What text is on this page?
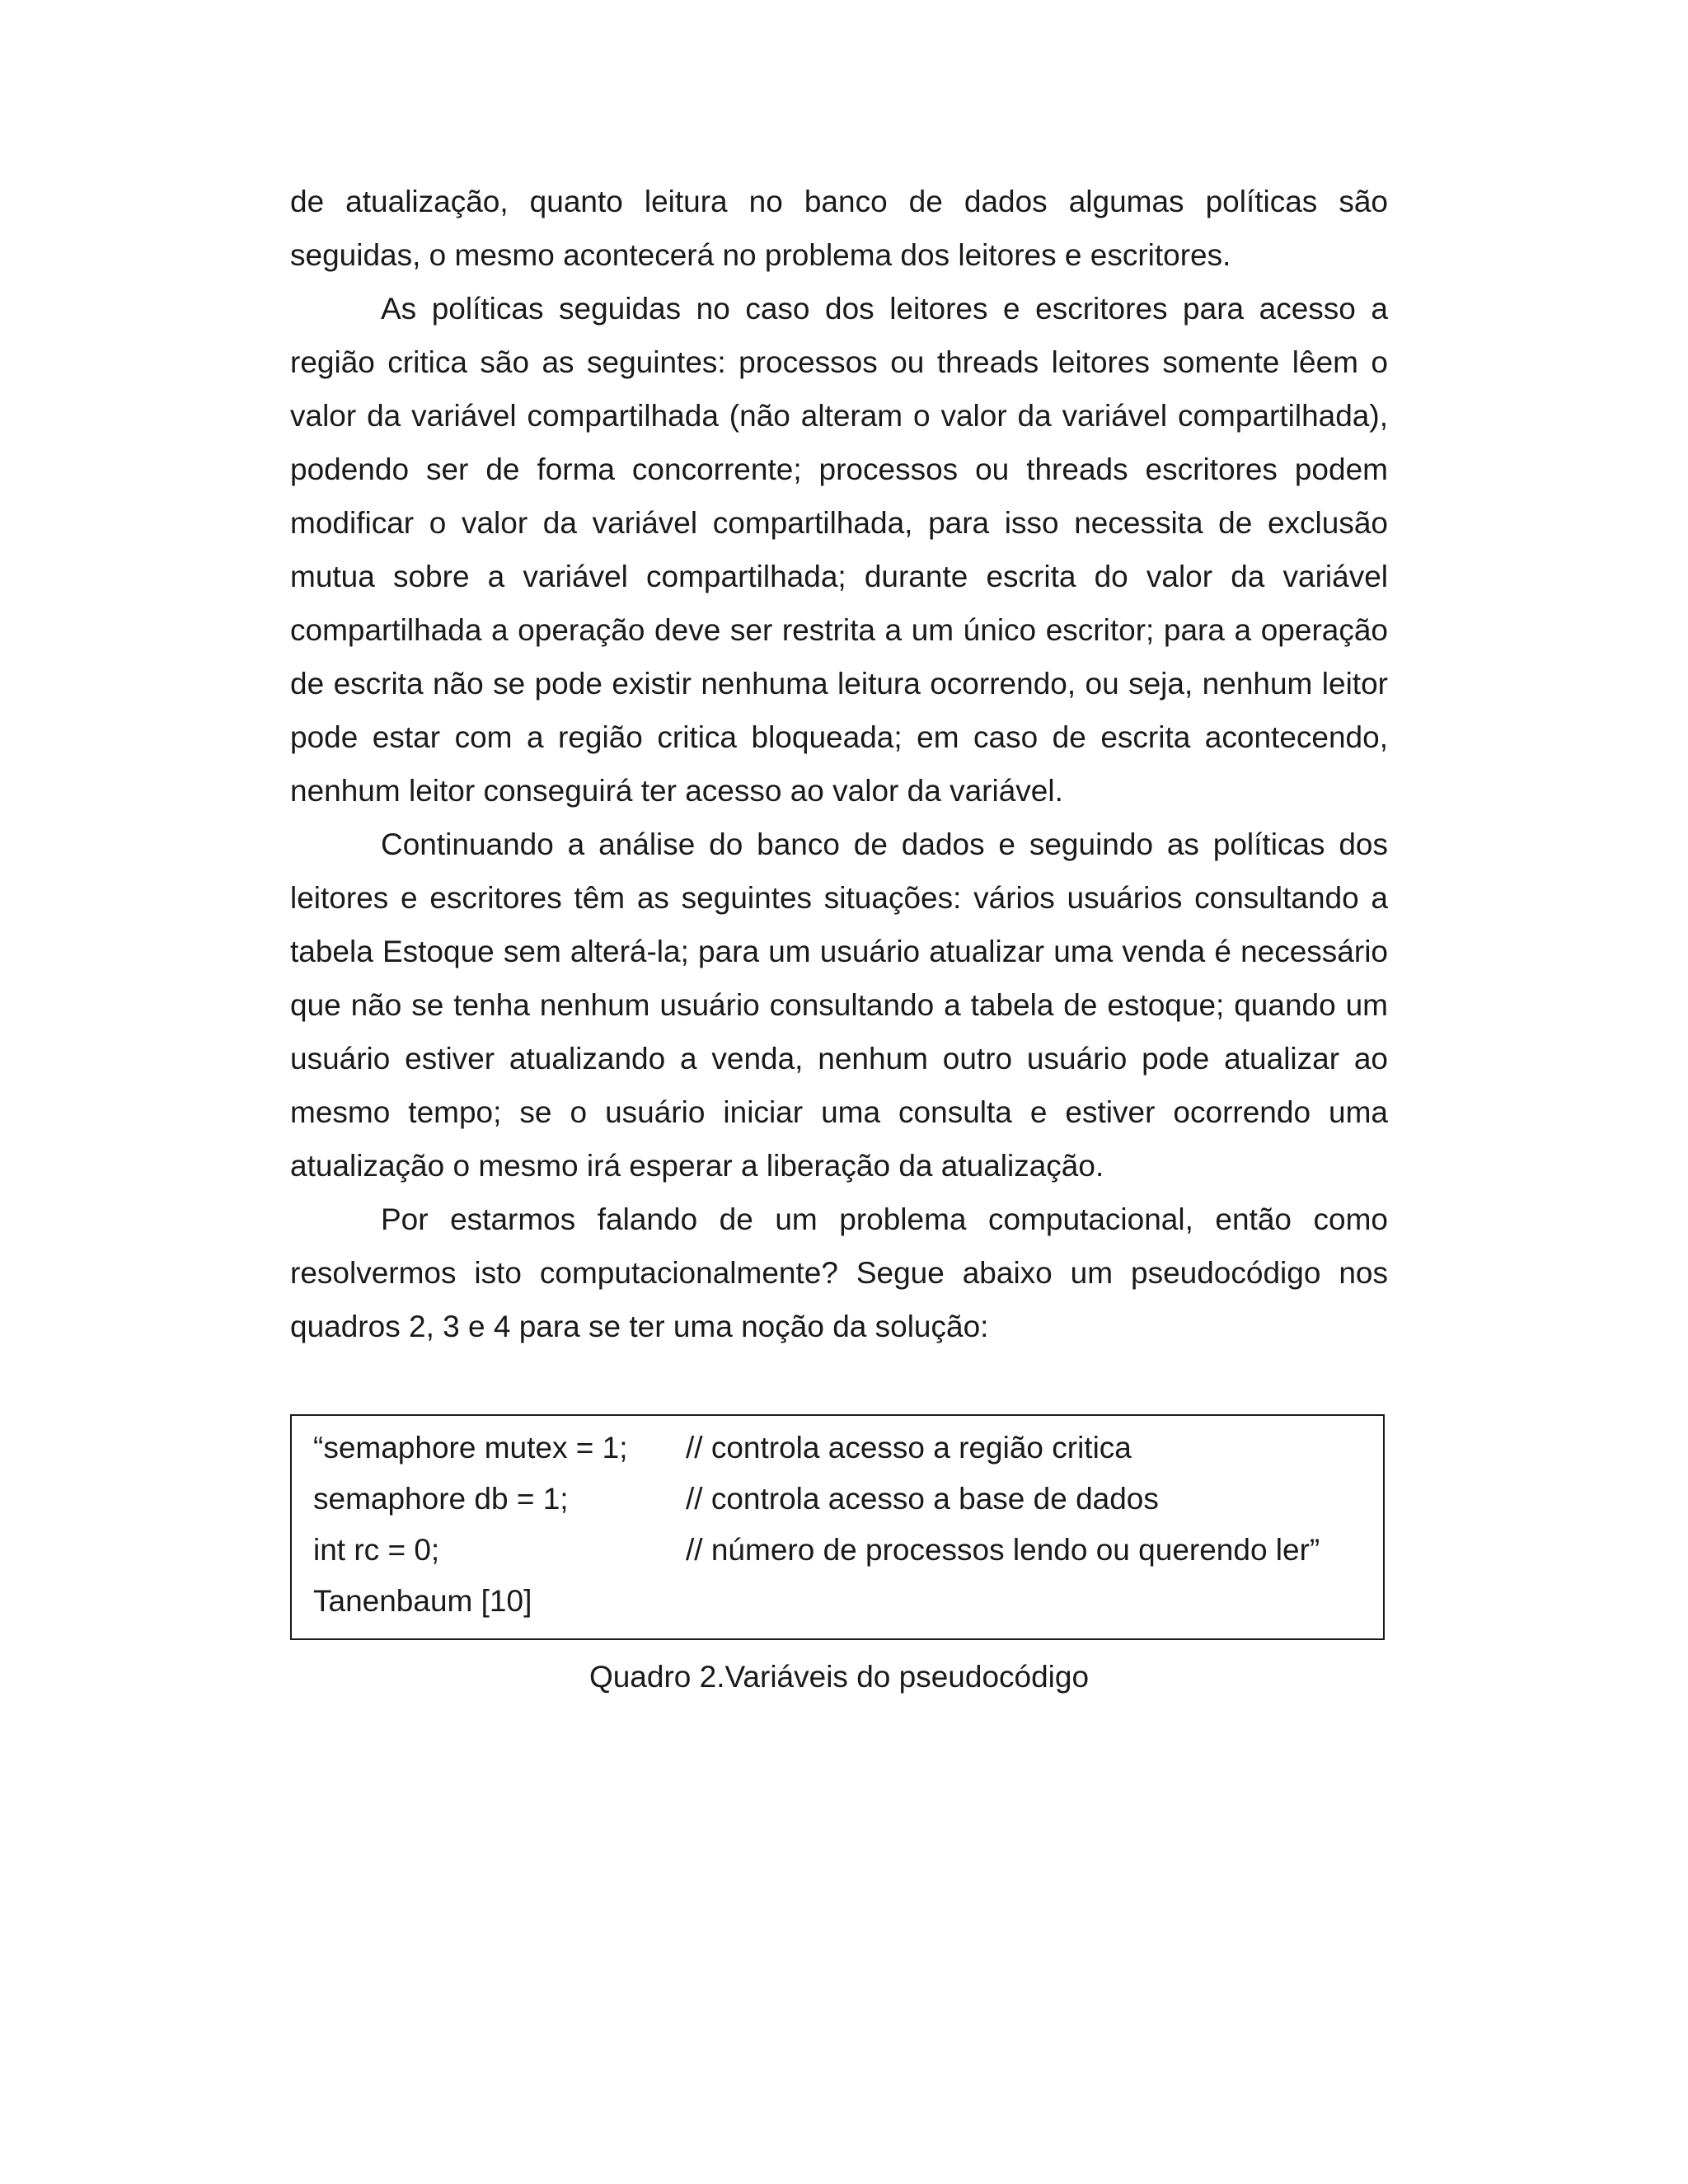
de atualização, quanto leitura no banco de dados algumas políticas são seguidas, o mesmo acontecerá no problema dos leitores e escritores.

As políticas seguidas no caso dos leitores e escritores para acesso a região critica são as seguintes: processos ou threads leitores somente lêem o valor da variável compartilhada (não alteram o valor da variável compartilhada), podendo ser de forma concorrente; processos ou threads escritores podem modificar o valor da variável compartilhada, para isso necessita de exclusão mutua sobre a variável compartilhada; durante escrita do valor da variável compartilhada a operação deve ser restrita a um único escritor; para a operação de escrita não se pode existir nenhuma leitura ocorrendo, ou seja, nenhum leitor pode estar com a região critica bloqueada; em caso de escrita acontecendo, nenhum leitor conseguirá ter acesso ao valor da variável.

Continuando a análise do banco de dados e seguindo as políticas dos leitores e escritores têm as seguintes situações: vários usuários consultando a tabela Estoque sem alterá-la; para um usuário atualizar uma venda é necessário que não se tenha nenhum usuário consultando a tabela de estoque; quando um usuário estiver atualizando a venda, nenhum outro usuário pode atualizar ao mesmo tempo; se o usuário iniciar uma consulta e estiver ocorrendo uma atualização o mesmo irá esperar a liberação da atualização.

Por estarmos falando de um problema computacional, então como resolvermos isto computacionalmente? Segue abaixo um pseudocódigo nos quadros 2, 3 e 4 para se ter uma noção da solução:

“semaphore mutex = 1; // controla acesso a região critica
semaphore db = 1;	// controla acesso a base de dados
int rc = 0;	// número de processos lendo ou querendo ler”
Tanenbaum [10]
Quadro 2.Variáveis do pseudocódigo
